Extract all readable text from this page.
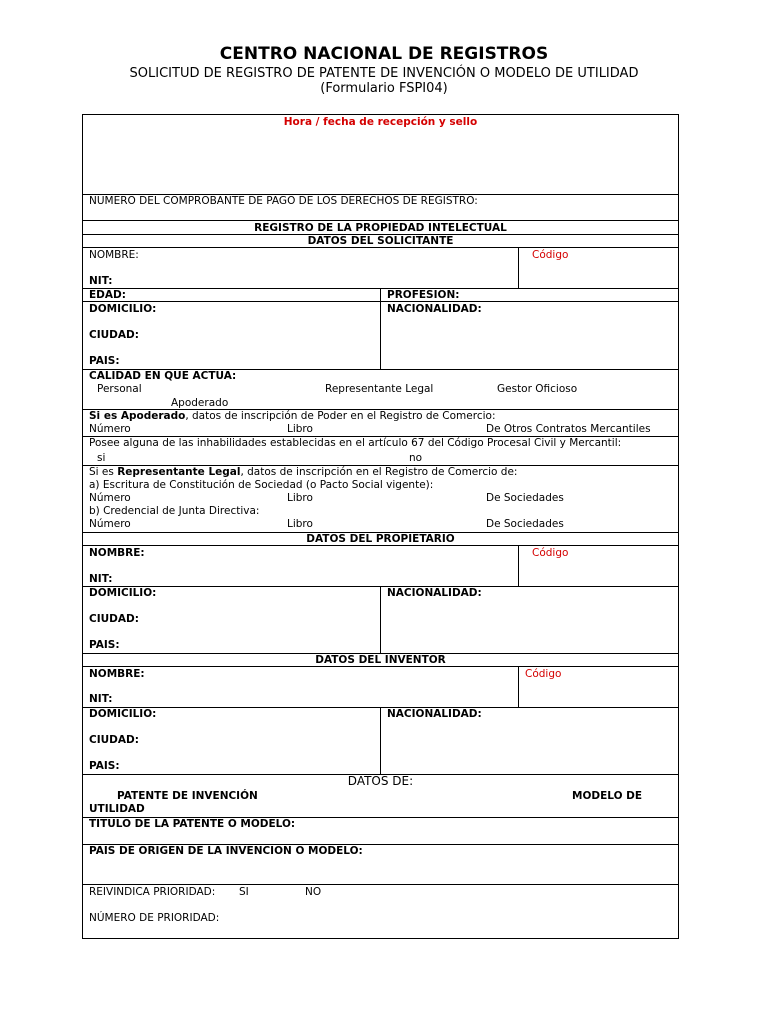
CENTRO NACIONAL DE REGISTROS
SOLICITUD DE REGISTRO DE PATENTE DE INVENCIÓN O MODELO DE UTILIDAD
(Formulario FSPI04)
Hora / fecha de recepción y sello
NUMERO DEL COMPROBANTE DE PAGO DE LOS DERECHOS DE REGISTRO:
REGISTRO DE LA PROPIEDAD INTELECTUAL
DATOS DEL SOLICITANTE
NOMBRE:	Código
NIT:
EDAD:	PROFESION:
DOMICILIO:	NACIONALIDAD:
CIUDAD:
PAIS:
CALIDAD EN QUE ACTUA:
Personal	Representante Legal	Gestor Oficioso
Apoderado
Si es Apoderado, datos de inscripción de Poder en el Registro de Comercio:
Número	Libro	De Otros Contratos Mercantiles
Posee alguna de las inhabilidades establecidas en el artículo 67 del Código Procesal Civil y Mercantil:
si	no
Si es Representante Legal, datos de inscripción en el Registro de Comercio de:
a) Escritura de Constitución de Sociedad (o Pacto Social vigente):
Número	Libro	De Sociedades
b) Credencial de Junta Directiva:
Número	Libro	De Sociedades
DATOS DEL PROPIETARIO
NOMBRE:	Código
NIT:
DOMICILIO:	NACIONALIDAD:
CIUDAD:
PAIS:
DATOS DEL INVENTOR
NOMBRE:	Código
NIT:
DOMICILIO:	NACIONALIDAD:
CIUDAD:
PAIS:
DATOS DE:
PATENTE DE INVENCIÓN	MODELO DE
UTILIDAD
TITULO DE LA PATENTE O MODELO:
PAIS DE ORIGEN DE LA INVENCION O MODELO:
REIVINDICA PRIORIDAD: SI	NO
NÚMERO DE PRIORIDAD:
